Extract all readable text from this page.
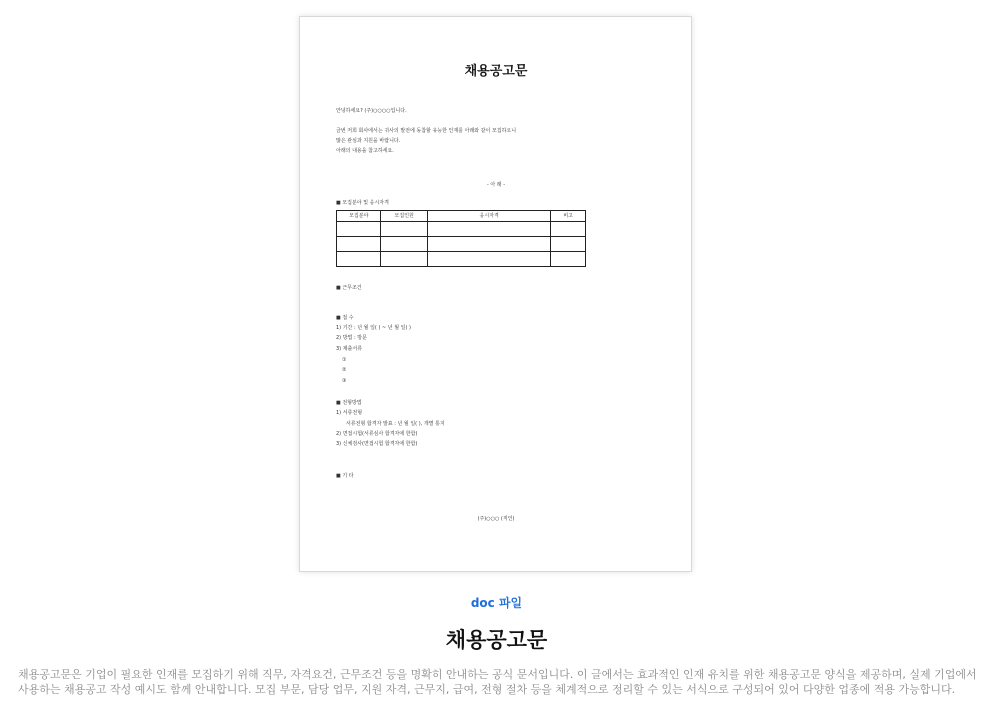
채용공고문
안녕하세요? (주)○○○○입니다.
금번 저희 회사에서는 귀사의 발전에 동참할 유능한 인재를 아래와 같이 모집하오니
많은 관심과 지원을 바랍니다.
아래의 내용을 참고하세요.
- 아 래 -
■ 모집분야 및 응시자격
모집분야	모집인원	응시자격	비고

■ 근무조건
■ 접 수
1) 기간 : 년 월 일( ) ~ 년 월 일( )
2) 방법 : 방문
3) 제출서류
①
②
③
■ 전형방법
1) 서류전형
서류전형 합격자 발표 : 년 월 일( ), 개별 통지
2) 면접시험(서류심사 합격자에 한함)
3) 신체검사(면접시험 합격자에 한함)
■ 기 타
(주)○○○ (직인)
doc 파일
채용공고문
채용공고문은 기업이 필요한 인재를 모집하기 위해 직무, 자격요건, 근무조건 등을 명확히 안내하는 공식 문서입니다. 이 글에서는 효과적인 인재 유치를 위한 채용공고문 양식을 제공하며, 실제 기업에서 사용하는 채용공고 작성 예시도 함께 안내합니다. 모집 부문, 담당 업무, 지원 자격, 근무지, 급여, 전형 절차 등을 체계적으로 정리할 수 있는 서식으로 구성되어 있어 다양한 업종에 적용 가능합니다.
